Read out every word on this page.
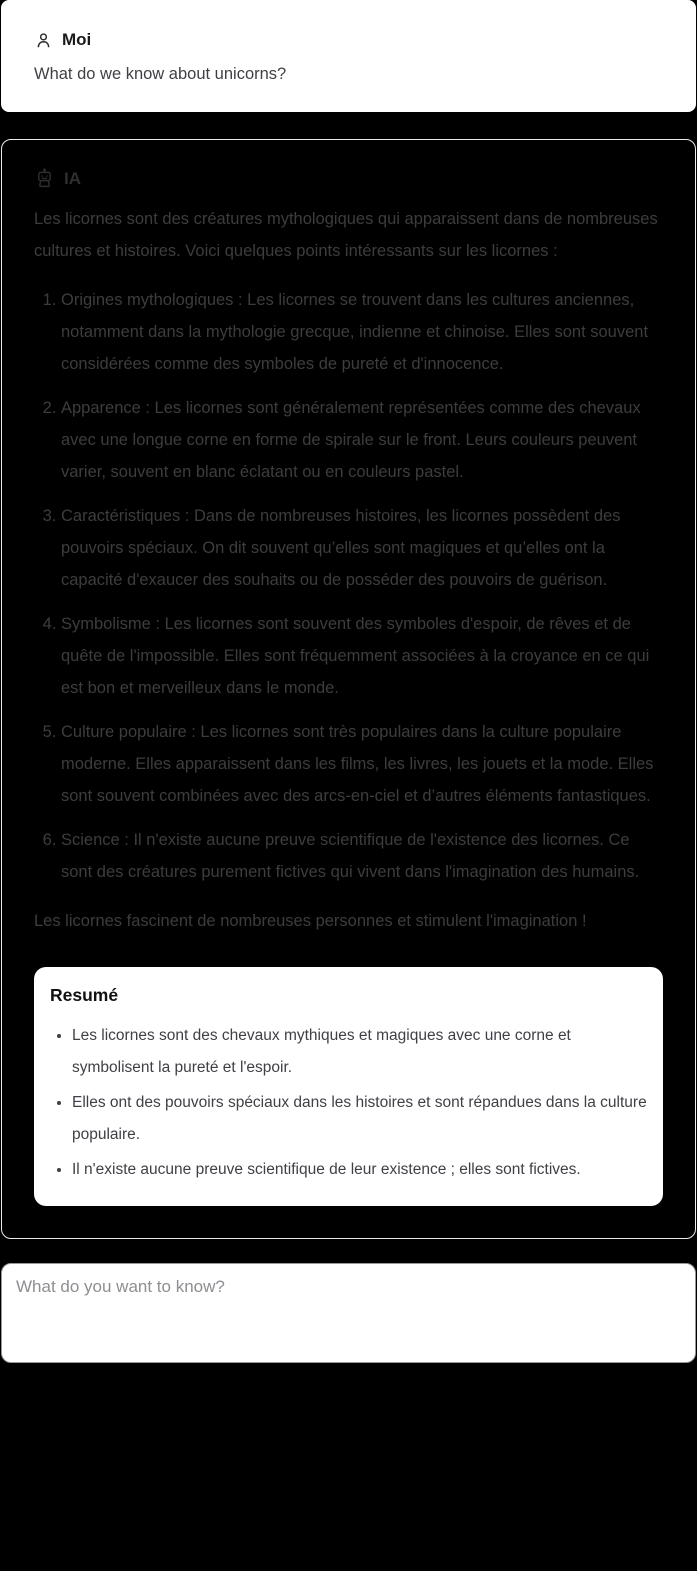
Moi

What do we know about unicorns?

IA

Les licornes sont des créatures mythologiques qui apparaissent dans de nombreuses cultures et histoires. Voici quelques points intéressants sur les licornes :

1. Origines mythologiques : Les licornes se trouvent dans les cultures anciennes, notamment dans la mythologie grecque, indienne et chinoise. Elles sont souvent considérées comme des symboles de pureté et d'innocence.
2. Apparence : Les licornes sont généralement représentées comme des chevaux avec une longue corne en forme de spirale sur le front. Leurs couleurs peuvent varier, souvent en blanc éclatant ou en couleurs pastel.
3. Caractéristiques : Dans de nombreuses histoires, les licornes possèdent des pouvoirs spéciaux. On dit souvent qu’elles sont magiques et qu’elles ont la capacité d'exaucer des souhaits ou de posséder des pouvoirs de guérison.
4. Symbolisme : Les licornes sont souvent des symboles d'espoir, de rêves et de quête de l'impossible. Elles sont fréquemment associées à la croyance en ce qui est bon et merveilleux dans le monde.
5. Culture populaire : Les licornes sont très populaires dans la culture populaire moderne. Elles apparaissent dans les films, les livres, les jouets et la mode. Elles sont souvent combinées avec des arcs-en-ciel et d’autres éléments fantastiques.
6. Science : Il n'existe aucune preuve scientifique de l'existence des licornes. Ce sont des créatures purement fictives qui vivent dans l'imagination des humains.

Les licornes fascinent de nombreuses personnes et stimulent l'imagination !

Resumé
• Les licornes sont des chevaux mythiques et magiques avec une corne et symbolisent la pureté et l'espoir.
• Elles ont des pouvoirs spéciaux dans les histoires et sont répandues dans la culture populaire.
• Il n'existe aucune preuve scientifique de leur existence ; elles sont fictives.
What do you want to know?
